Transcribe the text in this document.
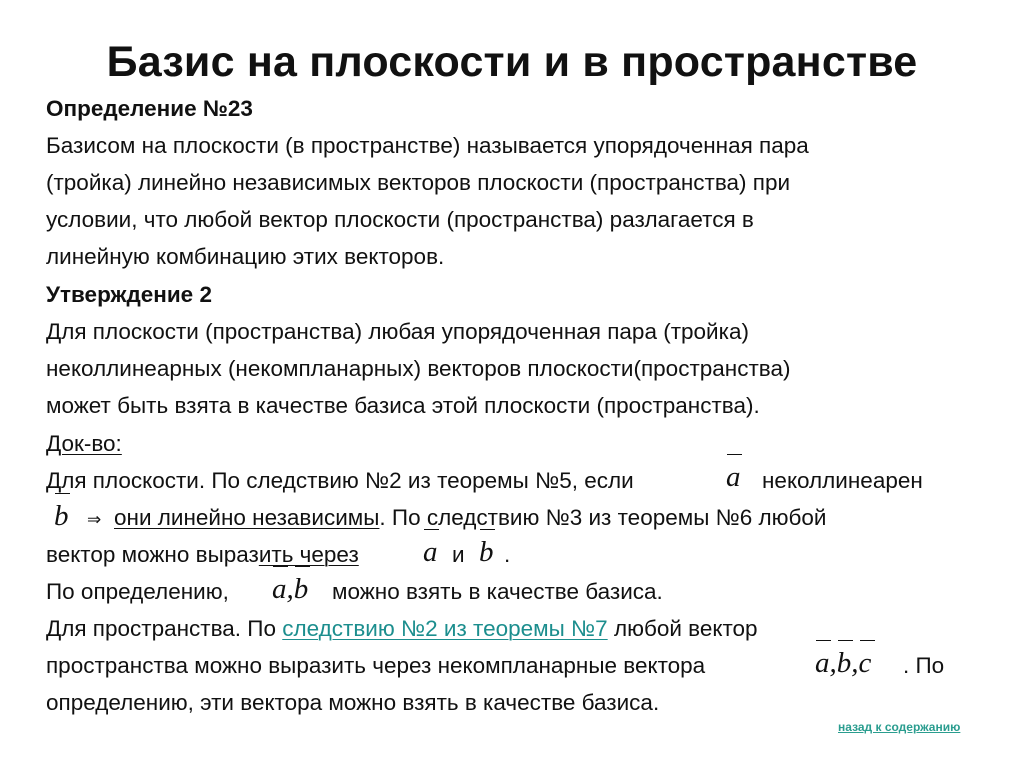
Базис на плоскости и в пространстве
Определение №23
Базисом на плоскости (в пространстве) называется упорядоченная пара
(тройка) линейно независимых векторов плоскости (пространства) при
условии, что любой вектор плоскости (пространства) разлагается в
линейную комбинацию этих векторов.
Утверждение 2
Для плоскости (пространства) любая упорядоченная пара (тройка)
неколлинеарных (некомпланарных) векторов плоскости(пространства)
может быть взята в качестве базиса этой плоскости (пространства).
Док-во:
Для плоскости. По следствию №2 из теоремы №5, если	a неколлинеарен
b ⇒ они линейно независимы. По следствию №3 из теоремы №6 любой
вектор можно выразить через a и b .
По определению, a,b можно взять в качестве базиса.
Для пространства. По следствию №2 из теоремы №7 любой вектор
пространства можно выразить через некомпланарные вектора	a,b,c . По
определению, эти вектора можно взять в качестве базиса.
назад к содержанию
